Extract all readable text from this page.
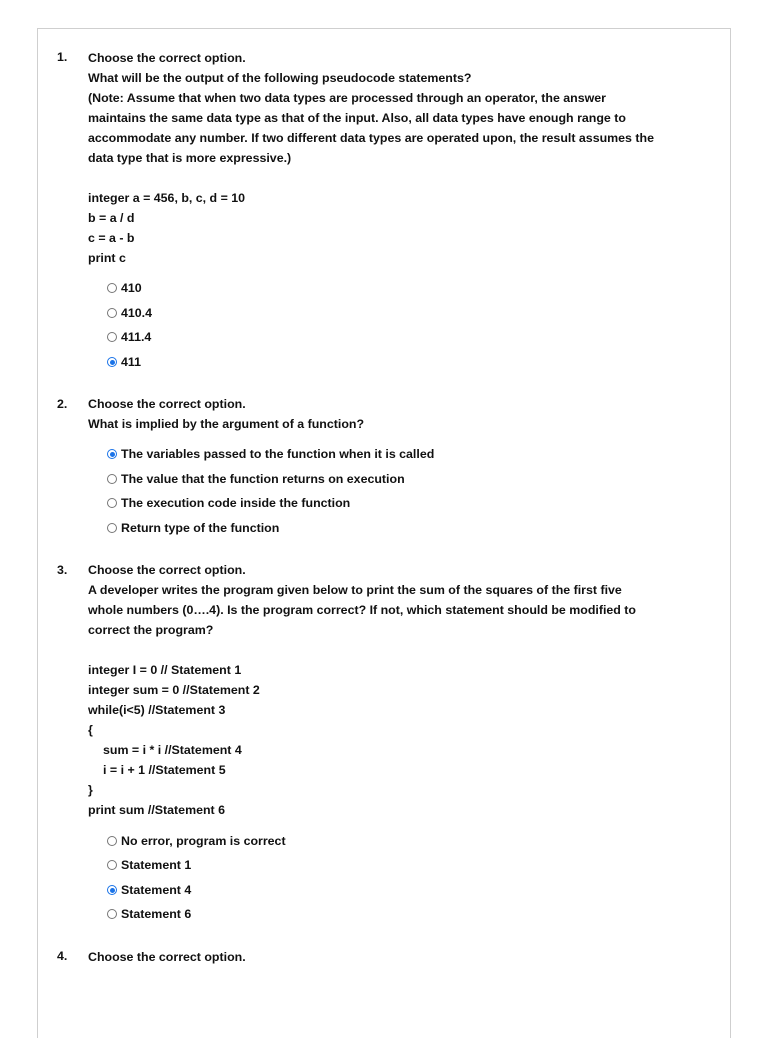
1. Choose the correct option.
What will be the output of the following pseudocode statements?
(Note: Assume that when two data types are processed through an operator, the answer
maintains the same data type as that of the input. Also, all data types have enough range to
accommodate any number. If two different data types are operated upon, the result assumes the
data type that is more expressive.)
integer a = 456, b, c, d = 10
b = a / d
c = a - b
print c
410
410.4
411.4
411
2. Choose the correct option.
What is implied by the argument of a function?
The variables passed to the function when it is called
The value that the function returns on execution
The execution code inside the function
Return type of the function
3. Choose the correct option.
A developer writes the program given below to print the sum of the squares of the first five
whole numbers (0….4). Is the program correct? If not, which statement should be modified to
correct the program?
integer I = 0 // Statement 1
integer sum = 0 //Statement 2
while(i<5) //Statement 3
{
sum = i * i //Statement 4
i = i + 1 //Statement 5
}
print sum //Statement 6
No error, program is correct
Statement 1
Statement 4
Statement 6
4. Choose the correct option.
